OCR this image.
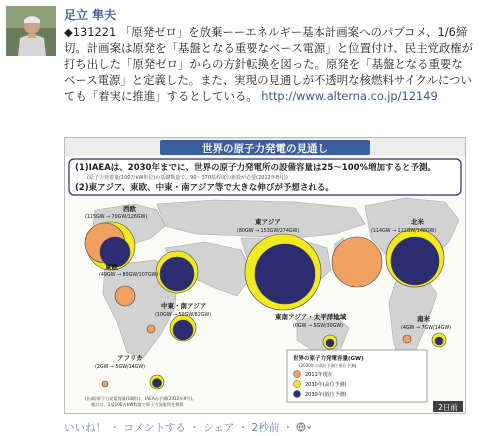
足立 隼夫
◆131221 「原発ゼロ」を放棄ーーエネルギー基本計画案へのパブコメ、1/6締切。計画案は原発を「基盤となる重要なベース電源」と位置付け、民主党政権が打ち出した「原発ゼロ」からの方針転換を図った。原発を「基盤となる重要なベース電源」と定義した。また、実現の見通しが不透明な核燃料サイクルについても「着実に推進」するとしている。 http://www.alterna.co.jp/12149
世界の原子力発電の見通し
(1)IAEAは、2030年までに、世界の原子力発電所の設備容量は25～100%増加すると予測。
(原子力発電量(100万kW単位)の基礎数量で、90～370基程度の新設が必要(2012年8月))
(2)東アジア、東欧、中東・南アジア等で大きな伸びが予想される。
西欧
東欧
中東・南アジア
アフリカ
東アジア
東南アジア・太平洋地域
北米
南米
(115GW → 70GW/126GW)
(49GW → 80GW/107GW)
(10GW → 50GW/82GW)
(2GW → 5GW/14GW)
(80GW → 153GW/274GW)
(0GW → 5GW/30GW)
(114GW → 111GW/148GW)
(4GW → 7GW/14GW)
世界の原子力発電容量(GW)
(2030年の高位予測と低位予測)
2011年現在
2030年(高位予測)
2030年(低位予測)
(出典)原子力発電容量(GW)は、IAEAの予測(2012年9月)。
集計は、1基100万kW程度で原子力発電所を換算	2日前
いいね！ ・ コメントする ・ シェア ・ 2秒前 ・
